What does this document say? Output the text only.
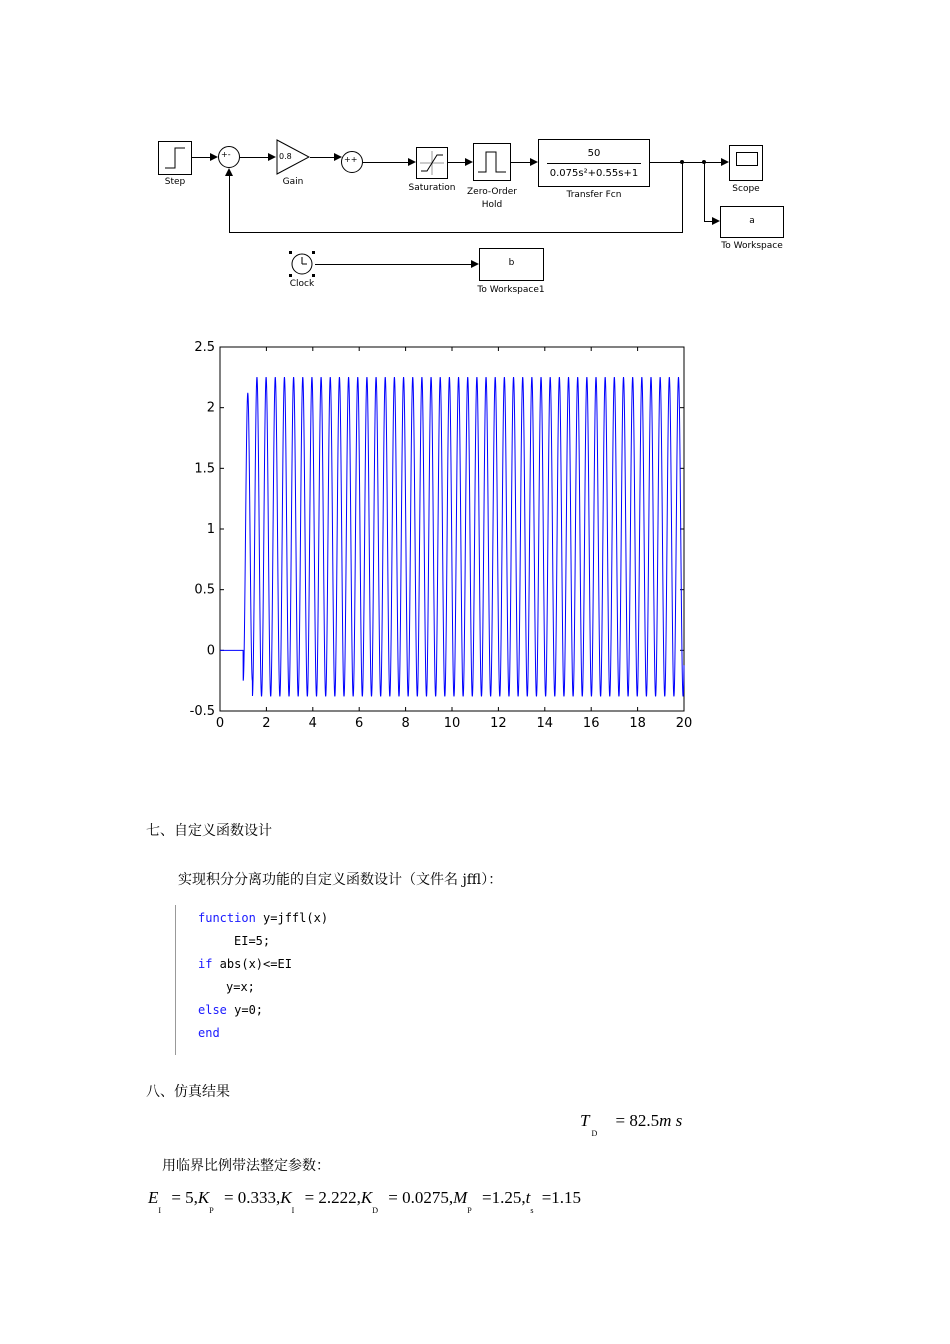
Step
+-	0.8
Gain
++
Saturation	Zero-Order
Hold
50
0.075s²+0.55s+1
Transfer Fcn
Scope
a
To Workspace
Clock
b
To Workspace1
0	2	4	6	8	10 12 14 16 18 20
2.5
2
1.5
1
0.5
0
-0.5
七、自定义函数设计
实现积分分离功能的自定义函数设计（文件名 jffl）：
function y=jffl(x)
EI=5;
if abs(x)<=EI
y=x;
else y=0;
end
八、仿真结果
$T_D = 82.5m$ s
用临界比例带法整定参数：
$E_I = 5,K_P = 0.333,K_I = 2.222,K_D = 0.0275,M_P =1.25,t_s =1.15$
